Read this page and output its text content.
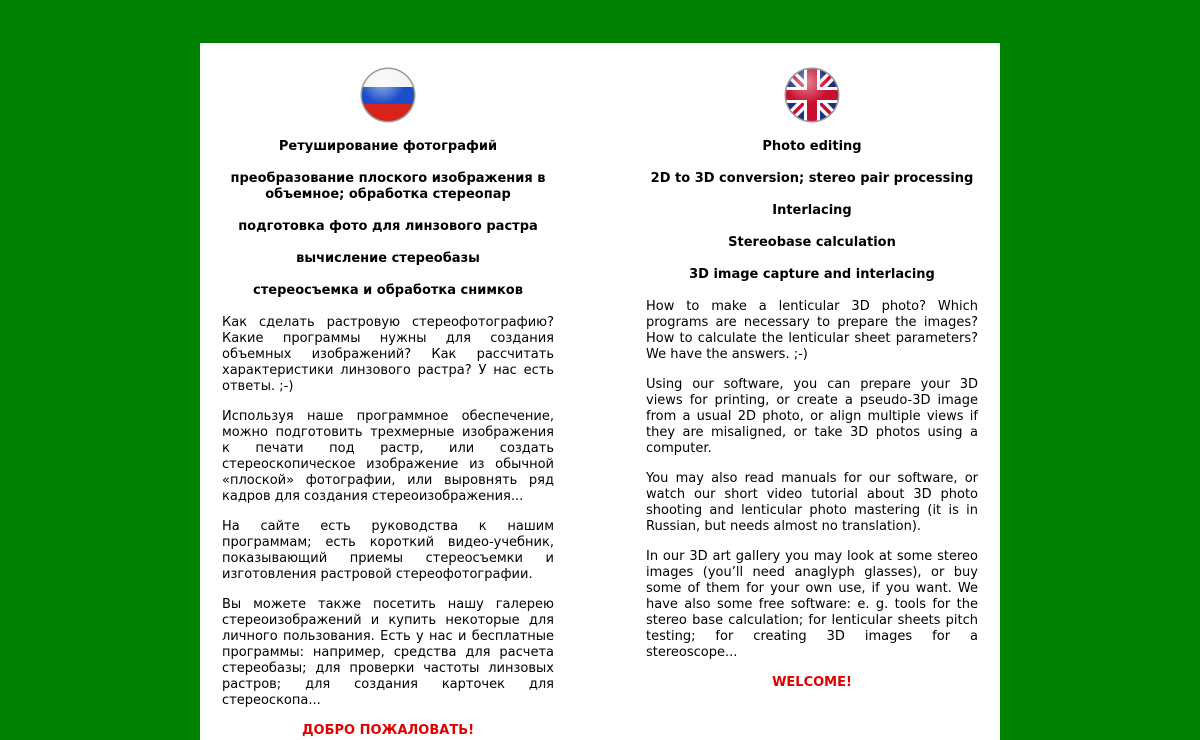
Ретуширование фотографий
преобразование плоского изображения в объемное; обработка стереопар
подготовка фото для линзового растра
вычисление стереобазы
стереосъемка и обработка снимков

Как сделать растровую стереофотографию? Какие программы нужны для создания объемных изображений? Как рассчитать характеристики линзового растра? У нас есть ответы. ;-)

Используя наше программное обеспечение, можно подготовить трехмерные изображения к печати под растр, или создать стереоскопическое изображение из обычной «плоской» фотографии, или выровнять ряд кадров для создания стереоизображения...

На сайте есть руководства к нашим программам; есть короткий видео-учебник, показывающий приемы стереосъемки и изготовления растровой стереофотографии.

Вы можете также посетить нашу галерею стереоизображений и купить некоторые для личного пользования. Есть у нас и бесплатные программы: например, средства для расчета стереобазы; для проверки частоты линзовых растров; для создания карточек для стереоскопа...

ДОБРО ПОЖАЛОВАТЬ!
Photo editing
2D to 3D conversion; stereo pair processing
Interlacing
Stereobase calculation
3D image capture and interlacing

How to make a lenticular 3D photo? Which programs are necessary to prepare the images? How to calculate the lenticular sheet parameters? We have the answers. ;-)

Using our software, you can prepare your 3D views for printing, or create a pseudo-3D image from a usual 2D photo, or align multiple views if they are misaligned, or take 3D photos using a computer.

You may also read manuals for our software, or watch our short video tutorial about 3D photo shooting and lenticular photo mastering (it is in Russian, but needs almost no translation).

In our 3D art gallery you may look at some stereo images (you’ll need anaglyph glasses), or buy some of them for your own use, if you want. We have also some free software: e. g. tools for the stereo base calculation; for lenticular sheets pitch testing; for creating 3D images for a stereoscope...

WELCOME!
